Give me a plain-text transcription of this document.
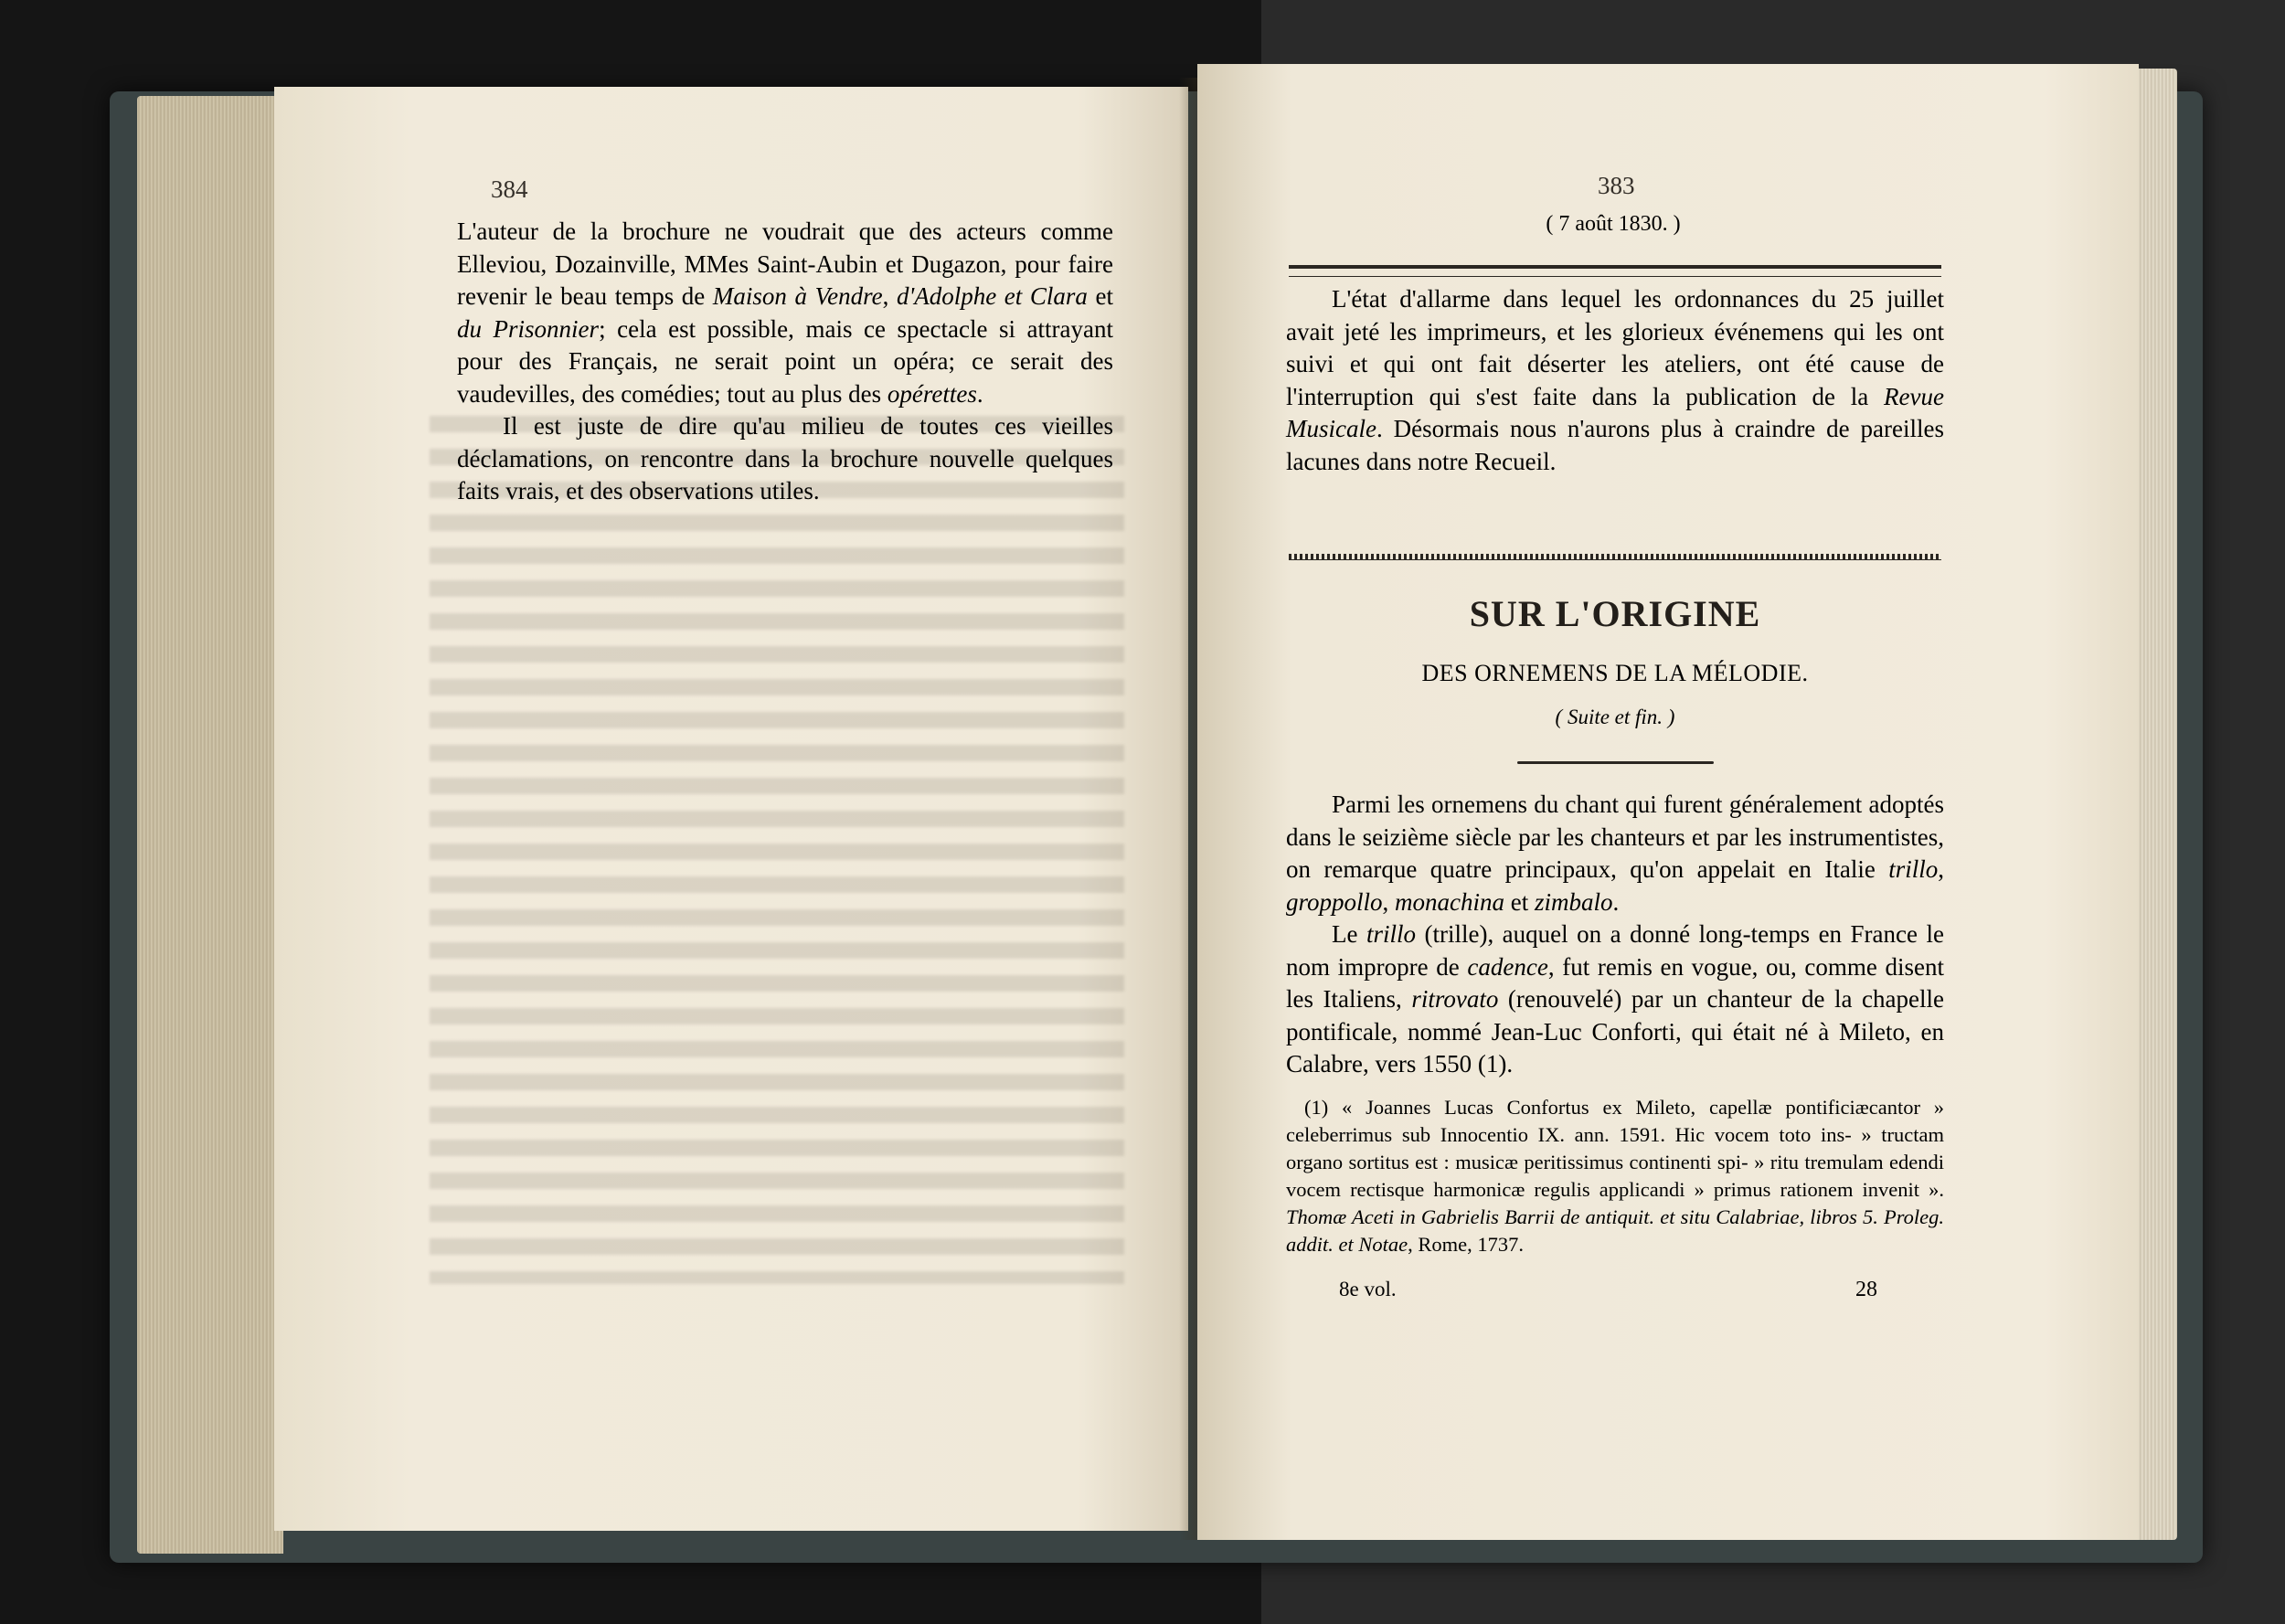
384

L'auteur de la brochure ne voudrait que des acteurs comme Elleviou, Dozainville, MMes Saint-Aubin et Dugazon, pour faire revenir le beau temps de Maison à Vendre, d'Adolphe et Clara et du Prisonnier; cela est possible, mais ce spectacle si attrayant pour des Français, ne serait point un opéra; ce serait des vaudevilles, des comédies; tout au plus des opérettes.

Il est juste de dire qu'au milieu de toutes ces vieilles déclamations, on rencontre dans la brochure nouvelle quelques faits vrais, et des observations utiles.

383
( 7 août 1830. )

L'état d'allarme dans lequel les ordonnances du 25 juillet avait jeté les imprimeurs, et les glorieux événemens qui les ont suivi et qui ont fait déserter les ateliers, ont été cause de l'interruption qui s'est faite dans la publication de la Revue Musicale. Désormais nous n'aurons plus à craindre de pareilles lacunes dans notre Recueil.

SUR L'ORIGINE
DES ORNEMENS DE LA MÉLODIE.
( Suite et fin. )

Parmi les ornemens du chant qui furent généralement adoptés dans le seizième siècle par les chanteurs et par les instrumentistes, on remarque quatre principaux, qu'on appelait en Italie trillo, groppollo, monachina et zimbalo.

Le trillo (trille), auquel on a donné long-temps en France le nom impropre de cadence, fut remis en vogue, ou, comme disent les Italiens, ritrovato (renouvelé) par un chanteur de la chapelle pontificale, nommé Jean-Luc Conforti, qui était né à Mileto, en Calabre, vers 1550 (1).

(1) « Joannes Lucas Confortus ex Mileto, capellæ pontificiæcantor » celeberrimus sub Innocentio IX. ann. 1591. Hic vocem toto ins- » tructam organo sortitus est : musicæ peritissimus continenti spi- » ritu tremulam edendi vocem rectisque harmonicæ regulis applicandi » primus rationem invenit ». Thomæ Aceti in Gabrielis Barrii de antiquit. et situ Calabriae, libros 5. Proleg. addit. et Notae, Rome, 1737.

8e vol.	28
